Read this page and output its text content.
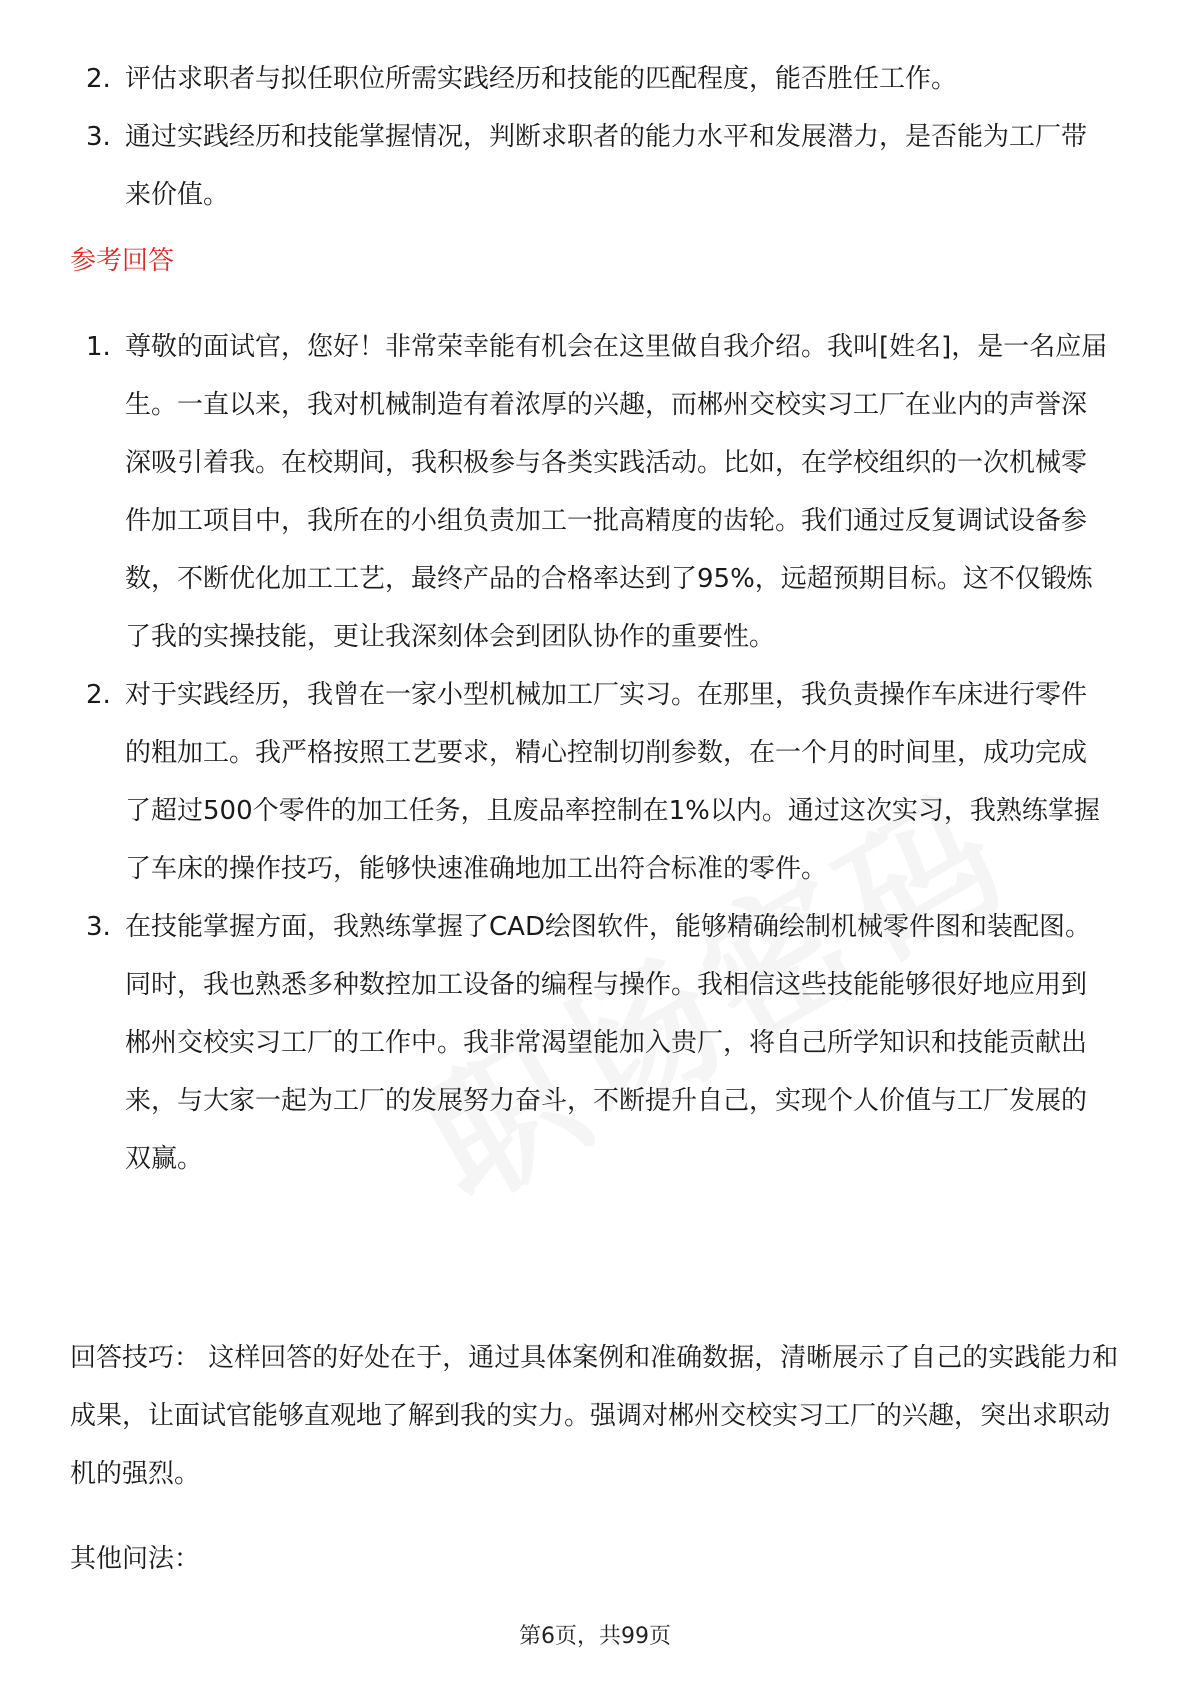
2. 评估求职者与拟任职位所需实践经历和技能的匹配程度，能否胜任工作。
3. 通过实践经历和技能掌握情况，判断求职者的能力水平和发展潜力，是否能为工厂带来价值。
参考回答
1. 尊敬的面试官，您好！非常荣幸能有机会在这里做自我介绍。我叫[姓名]，是一名应届生。一直以来，我对机械制造有着浓厚的兴趣，而郴州交校实习工厂在业内的声誉深深吸引着我。在校期间，我积极参与各类实践活动。比如，在学校组织的一次机械零件加工项目中，我所在的小组负责加工一批高精度的齿轮。我们通过反复调试设备参数，不断优化加工工艺，最终产品的合格率达到了95%，远超预期目标。这不仅锻炼了我的实操技能，更让我深刻体会到团队协作的重要性。
2. 对于实践经历，我曾在一家小型机械加工厂实习。在那里，我负责操作车床进行零件的粗加工。我严格按照工艺要求，精心控制切削参数，在一个月的时间里，成功完成了超过500个零件的加工任务，且废品率控制在1%以内。通过这次实习，我熟练掌握了车床的操作技巧，能够快速准确地加工出符合标准的零件。
3. 在技能掌握方面，我熟练掌握了CAD绘图软件，能够精确绘制机械零件图和装配图。同时，我也熟悉多种数控加工设备的编程与操作。我相信这些技能能够很好地应用到郴州交校实习工厂的工作中。我非常渴望能加入贵厂，将自己所学知识和技能贡献出来，与大家一起为工厂的发展努力奋斗，不断提升自己，实现个人价值与工厂发展的双赢。
回答技巧： 这样回答的好处在于，通过具体案例和准确数据，清晰展示了自己的实践能力和成果，让面试官能够直观地了解到我的实力。强调对郴州交校实习工厂的兴趣，突出求职动机的强烈。
其他问法：
第6页，共99页
